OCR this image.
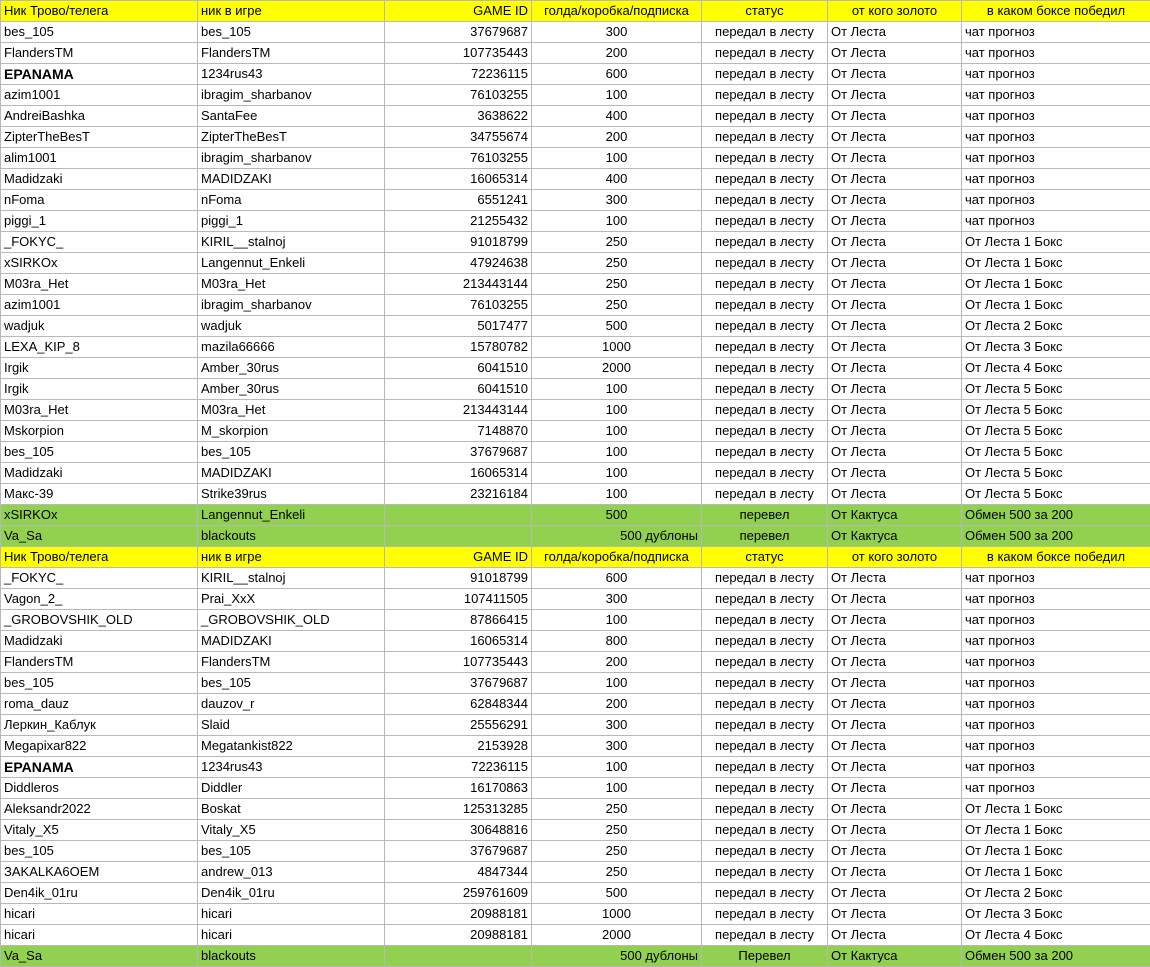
Ник Трово/телега	ник в игре	GAME ID	голда/коробка/подписка	статус	от кого золото	в каком боксе победил
bes_105	bes_105	37679687	300	передал в лесту	От Леста	чат прогноз
FlandersTM	FlandersTM	107735443	200	передал в лесту	От Леста	чат прогноз
EPANAMA	1234rus43	72236115	600	передал в лесту	От Леста	чат прогноз
azim1001	ibragim_sharbanov	76103255	100	передал в лесту	От Леста	чат прогноз
AndreiBashka	SantaFee	3638622	400	передал в лесту	От Леста	чат прогноз
ZipterTheBesT	ZipterTheBesT	34755674	200	передал в лесту	От Леста	чат прогноз
alim1001	ibragim_sharbanov	76103255	100	передал в лесту	От Леста	чат прогноз
Madidzaki	MADIDZAKI	16065314	400	передал в лесту	От Леста	чат прогноз
nFoma	nFoma	6551241	300	передал в лесту	От Леста	чат прогноз
piggi_1	piggi_1	21255432	100	передал в лесту	От Леста	чат прогноз
_FOKYC_	KIRIL__stalnoj	91018799	250	передал в лесту	От Леста	От Леста 1 Бокс
xSIRKOx	Langennut_Enkeli	47924638	250	передал в лесту	От Леста	От Леста 1 Бокс
M03ra_Het	M03ra_Het	213443144	250	передал в лесту	От Леста	От Леста 1 Бокс
azim1001	ibragim_sharbanov	76103255	250	передал в лесту	От Леста	От Леста 1 Бокс
wadjuk	wadjuk	5017477	500	передал в лесту	От Леста	От Леста 2 Бокс
LEXA_KIP_8	mazila66666	15780782	1000	передал в лесту	От Леста	От Леста 3 Бокс
Irgik	Amber_30rus	6041510	2000	передал в лесту	От Леста	От Леста 4 Бокс
Irgik	Amber_30rus	6041510	100	передал в лесту	От Леста	От Леста 5 Бокс
M03ra_Het	M03ra_Het	213443144	100	передал в лесту	От Леста	От Леста 5 Бокс
Mskorpion	M_skorpion	7148870	100	передал в лесту	От Леста	От Леста 5 Бокс
bes_105	bes_105	37679687	100	передал в лесту	От Леста	От Леста 5 Бокс
Madidzaki	MADIDZAKI	16065314	100	передал в лесту	От Леста	От Леста 5 Бокс
Макс-39	Strike39rus	23216184	100	передал в лесту	От Леста	От Леста 5 Бокс
xSIRKOx	Langennut_Enkeli		500	перевел	От Кактуса	Обмен 500 за 200
Va_Sa	blackouts		500 дублоны	перевел	От Кактуса	Обмен 500 за 200
Ник Трово/телега	ник в игре	GAME ID	голда/коробка/подписка	статус	от кого золото	в каком боксе победил
_FOKYC_	KIRIL__stalnoj	91018799	600	передал в лесту	От Леста	чат прогноз
Vagon_2_	Prai_XxX	107411505	300	передал в лесту	От Леста	чат прогноз
_GROBOVSHIK_OLD	_GROBOVSHIK_OLD	87866415	100	передал в лесту	От Леста	чат прогноз
Madidzaki	MADIDZAKI	16065314	800	передал в лесту	От Леста	чат прогноз
FlandersTM	FlandersTM	107735443	200	передал в лесту	От Леста	чат прогноз
bes_105	bes_105	37679687	100	передал в лесту	От Леста	чат прогноз
roma_dauz	dauzov_r	62848344	200	передал в лесту	От Леста	чат прогноз
Леркин_Каблук	Slaid	25556291	300	передал в лесту	От Леста	чат прогноз
Megapixar822	Megatankist822	2153928	300	передал в лесту	От Леста	чат прогноз
EPANAMA	1234rus43	72236115	100	передал в лесту	От Леста	чат прогноз
Diddleros	Diddler	16170863	100	передал в лесту	От Леста	чат прогноз
Aleksandr2022	Boskat	125313285	250	передал в лесту	От Леста	От Леста 1 Бокс
Vitaly_X5	Vitaly_X5	30648816	250	передал в лесту	От Леста	От Леста 1 Бокс
bes_105	bes_105	37679687	250	передал в лесту	От Леста	От Леста 1 Бокс
ЗAKALKA6OEM	andrew_013	4847344	250	передал в лесту	От Леста	От Леста 1 Бокс
Den4ik_01ru	Den4ik_01ru	259761609	500	передал в лесту	От Леста	От Леста 2 Бокс
hicari	hicari	20988181	1000	передал в лесту	От Леста	От Леста 3 Бокс
hicari	hicari	20988181	2000	передал в лесту	От Леста	От Леста 4 Бокс
Va_Sa	blackouts		500 дублоны	Перевел	От Кактуса	Обмен 500 за 200
